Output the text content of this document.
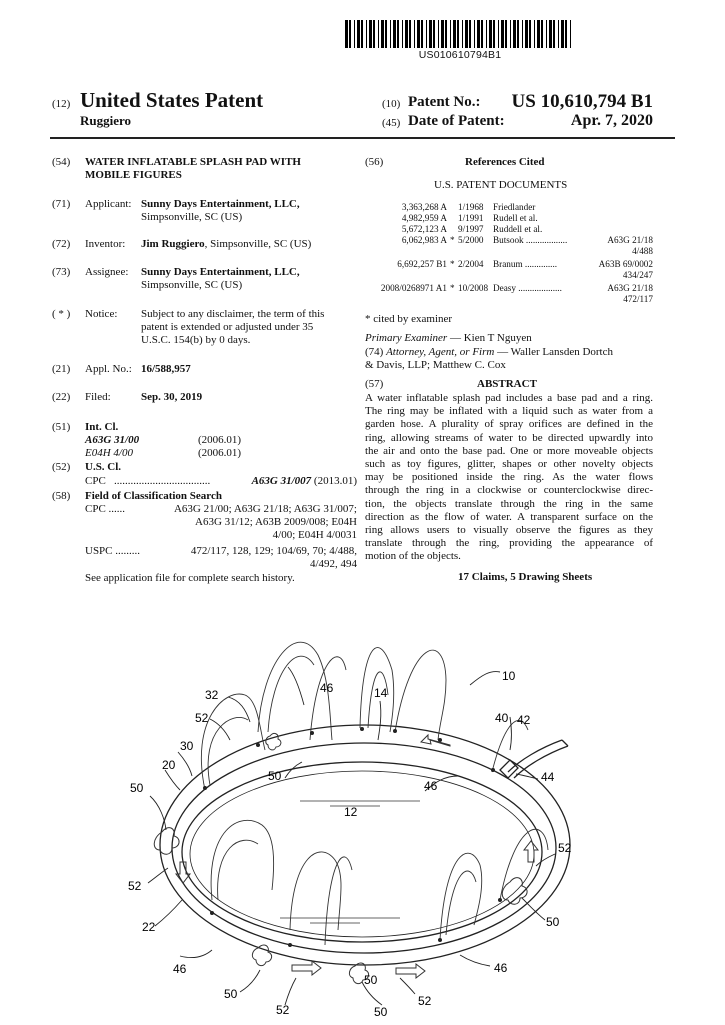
US010610794B1
(12) United States Patent
Ruggiero
(10) Patent No.: US 10,610,794 B1
(45) Date of Patent:	Apr. 7, 2020
(54) WATER INFLATABLE SPLASH PAD WITH
MOBILE FIGURES
(71) Applicant: Sunny Days Entertainment, LLC,
Simpsonville, SC (US)
(72) Inventor: Jim Ruggiero, Simpsonville, SC (US)
(73) Assignee: Sunny Days Entertainment, LLC,
Simpsonville, SC (US)
( * ) Notice: Subject to any disclaimer, the term of this
patent is extended or adjusted under 35
U.S.C. 154(b) by 0 days.
(21) Appl. No.: 16/588,957
(22) Filed:	Sep. 30, 2019
(51) Int. Cl.
A63G 31/00	(2006.01)
E04H 4/00	(2006.01)
(52) U.S. Cl.
CPC ...................................	A63G 31/007 (2013.01)
(58) Field of Classification Search
CPC ......	A63G 21/00; A63G 21/18; A63G 31/007;
A63G 31/12; A63B 2009/008; E04H
4/00; E04H 4/0031
USPC .........	472/117, 128, 129; 104/69, 70; 4/488,
4/492, 494
See application file for complete search history.
(56)	References Cited
U.S. PATENT DOCUMENTS
3,363,268 A 1/1968 Friedlander
4,982,959 A 1/1991 Rudell et al.
5,672,123 A 9/1997 Ruddell et al.
6,062,983 A * 5/2000 Butsook ..................	A63G 21/18
4/488
6,692,257 B1 * 2/2004 Branum ..............	A63B 69/0002
434/247
2008/0268971 A1 * 10/2008 Deasy ...................	A63G 21/18
472/117
* cited by examiner
Primary Examiner — Kien T Nguyen
(74) Attorney, Agent, or Firm — Waller Lansden Dortch
& Davis, LLP; Matthew C. Cox
(57)	ABSTRACT
A water inflatable splash pad includes a base pad and a ring.
The ring may be inflated with a liquid such as water from a
garden hose. A plurality of spray orifices are defined in the
ring, allowing streams of water to be directed upwardly into
the air and onto the base pad. One or more moveable objects
such as toy figures, glitter, shapes or other novelty objects
may be positioned inside the ring. As the water flows
through the ring in a clockwise or counterclockwise direc-
tion, the objects translate through the ring in the same
direction as the flow of water. A transparent surface on the
ring allows users to visually observe the figures as they
translate through the ring, providing the appearance of
motion of the objects.
17 Claims, 5 Drawing Sheets
10
12
14
20
22
30
32
40 42
44
46
46
46	46
50
50
50
50
50
50
52
52
52
52
52
